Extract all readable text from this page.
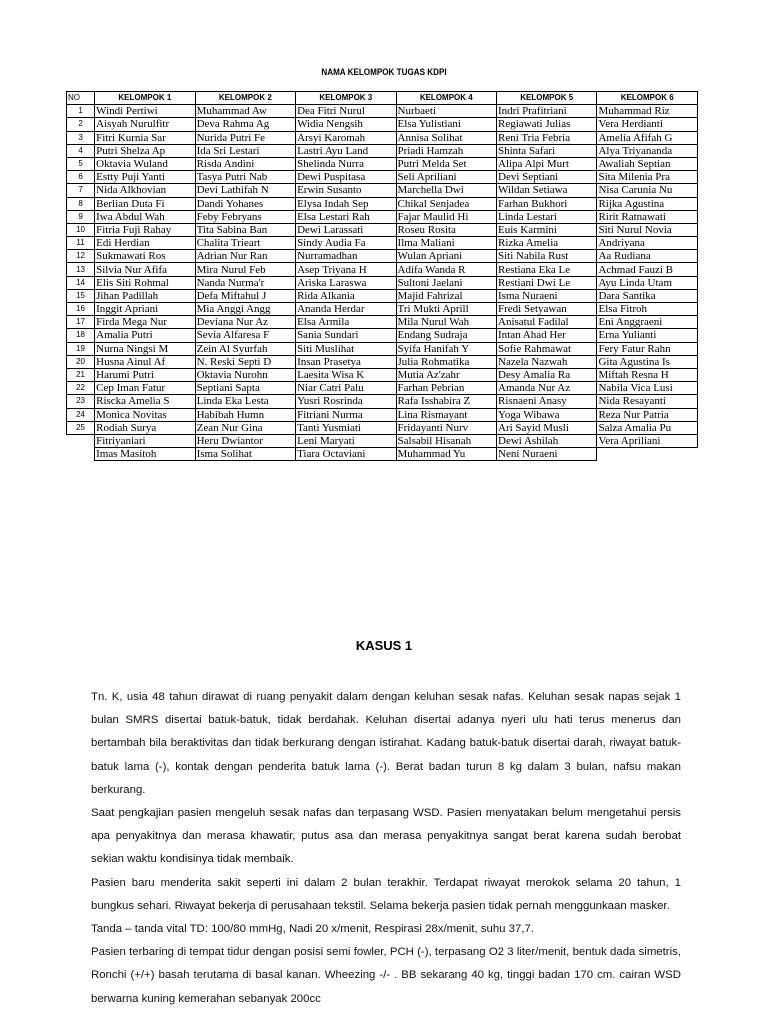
NAMA KELOMPOK TUGAS KDPI
NO	KELOMPOK 1	KELOMPOK 2	KELOMPOK 3	KELOMPOK 4	KELOMPOK 5	KELOMPOK 6
1	Windi Pertiwi	Muhammad Aw	Dea Fitri Nurul	Nurbaeti	Indri Prafitriani	Muhammad Riz
2	Aisyah Nurulfitr	Deva Rahma Ag	Widia Nengsih	Elsa Yulistiani	Regiawati Julias	Vera Herdianti
3	Fitri Kurnia Sar	Nurida Putri Fe	Arsyi Karomah	Annisa Solihat	Reni Tria Febria	Amelia Afifah G
4	Putri Shelza Ap	Ida Sri Lestari	Lastri Ayu Land	Priadi Hamzah	Shinta Safari	Alya Triyananda
5	Oktavia Wuland	Risda Andini	Shelinda Nurra	Putri Melda Set	Alipa Alpi Murt	Awaliah Septian
6	Estty Puji Yanti	Tasya Putri Nab	Dewi Puspitasa	Seli Apriliani	Devi Septiani	Sita Milenia Pra
7	Nida Alkhovian	Devi Lathifah N	Erwin Susanto	Marchella Dwi	Wildan Setiawa	Nisa Carunia Nu
8	Berlian Duta Fi	Dandi Yohanes	Elysa Indah Sep	Chikal Senjadea	Farhan Bukhori	Rijka Agustina
9	Iwa Abdul Wah	Feby Febryans	Elsa Lestari Rah	Fajar Maulid Hi	Linda Lestari	Ririt Ratnawati
10	Fitria Fuji Rahay	Tita Sabina Ban	Dewi Larassati	Roseu Rosita	Euis Karmini	Siti Nurul Novia
11	Edi Herdian	Chalita Trieart	Sindy Audia Fa	Ilma Maliani	Rizka Amelia	Andriyana
12	Sukmawati Ros	Adrian Nur Ran	Nurramadhan	Wulan Apriani	Siti Nabila Rust	Aa Rudiana
13	Silvia Nur Afifa	Mira Nurul Feb	Asep Triyana H	Adifa Wanda R	Restiana Eka Le	Achmad Fauzi B
14	Elis Siti Rohmal	Nanda Nurma'r	Ariska Laraswa	Sultoni Jaelani	Restiani Dwi Le	Ayu Linda Utam
15	Jihan Padillah	Defa Miftahul J	Rida Alkania	Majid Fahrizal	Isma Nuraeni	Dara Santika
16	Inggit Apriani	Mia Anggi Angg	Ananda Herdar	Tri Mukti Aprill	Fredi Setyawan	Elsa Fitroh
17	Firda Mega Nur	Deviana Nur Az	Elsa Armila	Mila Nurul Wah	Anisatul Fadilal	Eni Anggraeni
18	Amalia Putri	Sevia Alfaresa F	Sania Sundari	Endang Sudraja	Intan Ahad Her	Erna Yulianti
19	Nurna Ningsi M	Zein Al Syurfah	Siti Muslihat	Syifa Hanifah Y	Sofie Rahmawat	Fery Fatur Rahn
20	Husna Ainul Af	N. Reski Septi D	Insan Prasetya	Julia Rohmatika	Nazela Nazwah	Gita Agustina Is
21	Harumi Putri	Oktavia Nurohn	Laesita Wisa K	Mutia Az'zahr	Desy Amalia Ra	Miftah Resna H
22	Cep Iman Fatur	Septiani Sapta	Niar Catri Palu	Farhan Pebrian	Amanda Nur Az	Nabila Vica Lusi
23	Riscka Amelia S	Linda Eka Lesta	Yusri Rosrinda	Rafa Isshabira Z	Risnaeni Anasy	Nida Resayanti
24	Monica Novitas	Habibah Humn	Fitriani Nurma	Lina Rismayant	Yoga Wibawa	Reza Nur Patria
25	Rodiah Surya	Zean Nur Gina	Tanti Yusmiati	Fridayanti Nurv	Ari Sayid Musli	Salza Amalia Pu
	Fitriyaniari	Heru Dwiantor	Leni Maryati	Salsabil Hisanah	Dewi Ashilah	Vera Apriliani
	Imas Masitoh	Isma Solihat	Tiara Octaviani	Muhammad Yu	Neni Nuraeni	
KASUS 1

Tn. K, usia 48 tahun dirawat di ruang penyakit dalam dengan keluhan sesak nafas. Keluhan sesak napas sejak 1 bulan SMRS disertai batuk-batuk, tidak berdahak. Keluhan disertai adanya nyeri ulu hati terus menerus dan bertambah bila beraktivitas dan tidak berkurang dengan istirahat. Kadang batuk-batuk disertai darah, riwayat batuk-batuk lama (-), kontak dengan penderita batuk lama (-). Berat badan turun 8 kg dalam 3 bulan, nafsu makan berkurang.

Saat pengkajian pasien mengeluh sesak nafas dan terpasang WSD. Pasien menyatakan belum mengetahui persis apa penyakitnya dan merasa khawatir, putus asa dan merasa penyakitnya sangat berat karena sudah berobat sekian waktu kondisinya tidak membaik.

Pasien baru menderita sakit seperti ini dalam 2 bulan terakhir. Terdapat riwayat merokok selama 20 tahun, 1 bungkus sehari. Riwayat bekerja di perusahaan tekstil. Selama bekerja pasien tidak pernah menggunkaan masker.

Tanda – tanda vital TD: 100/80 mmHg, Nadi 20 x/menit, Respirasi 28x/menit, suhu 37,7.

Pasien terbaring di tempat tidur dengan posisi semi fowler, PCH (-), terpasang O2 3 liter/menit, bentuk dada simetris, Ronchi (+/+) basah terutama di basal kanan. Wheezing -/- . BB sekarang 40 kg, tinggi badan 170 cm. cairan WSD berwarna kuning kemerahan sebanyak 200cc
